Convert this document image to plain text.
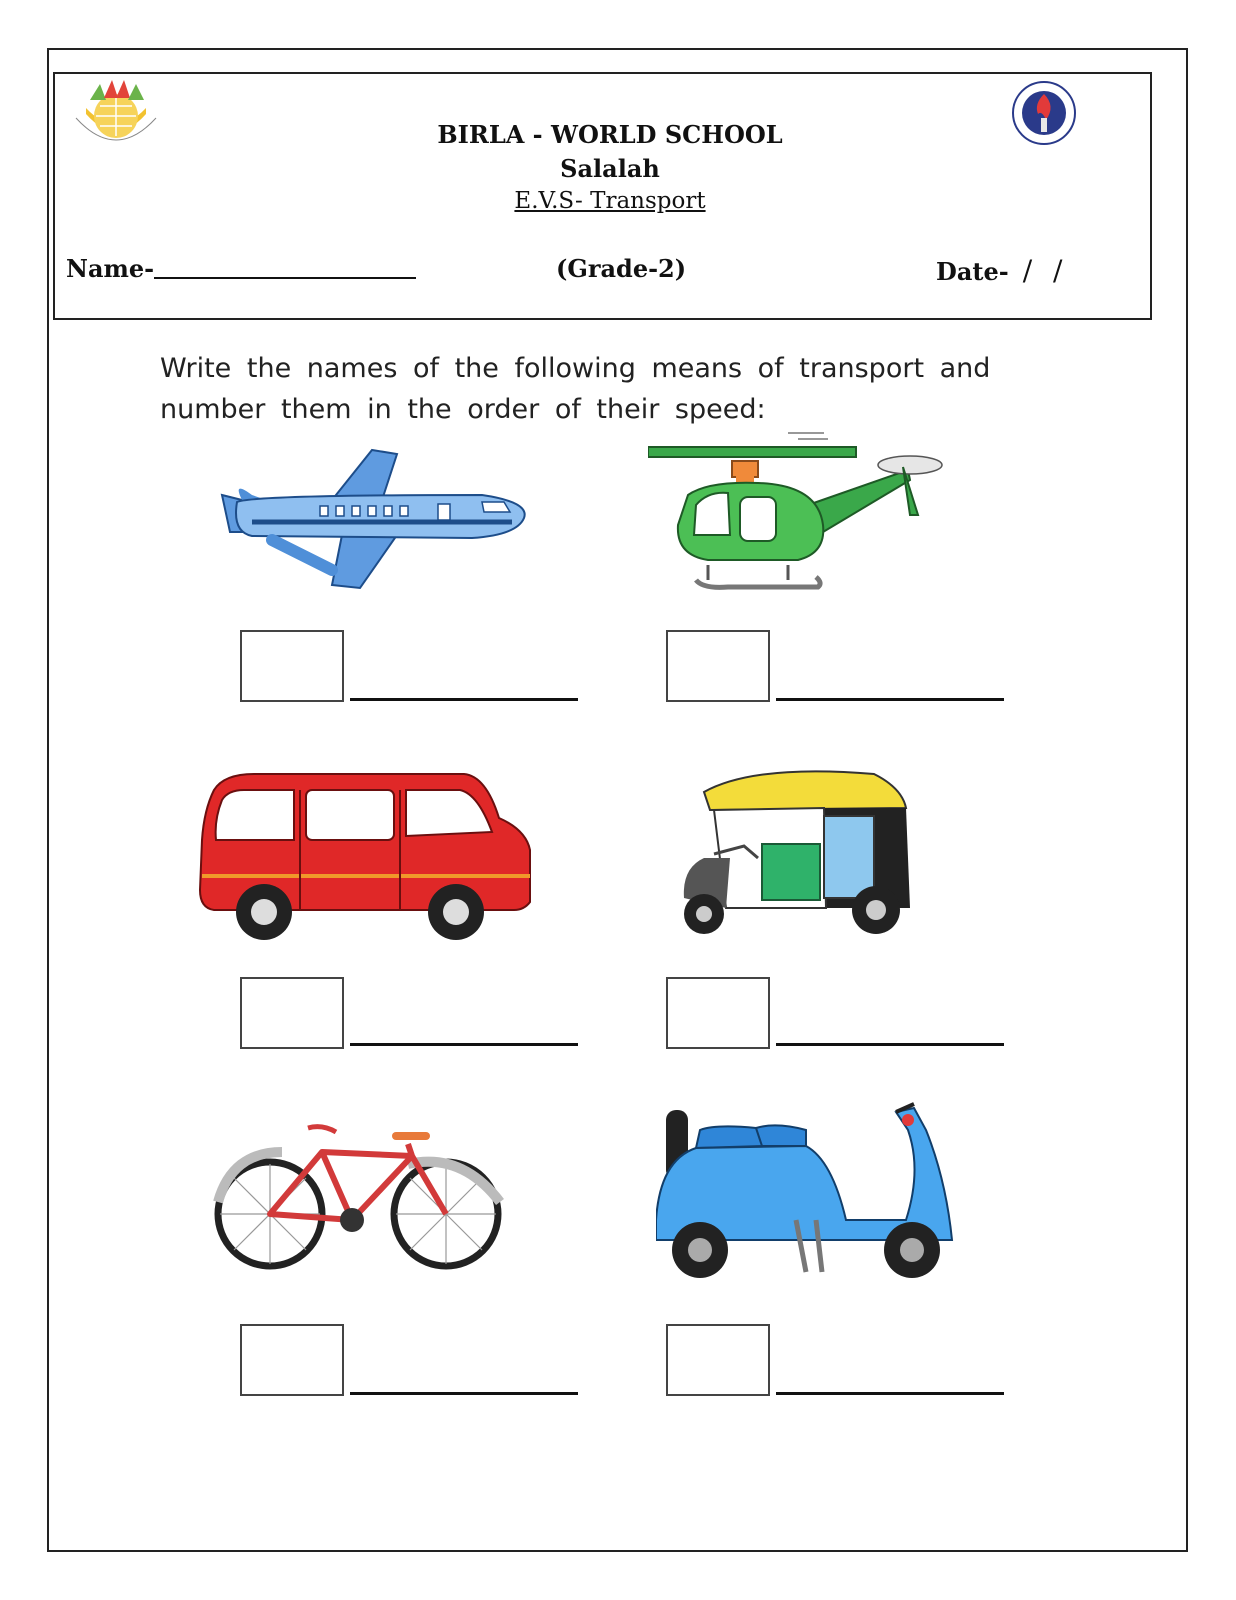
BIRLA - WORLD SCHOOL
Salalah
E.V.S- Transport
Name-	(Grade-2)	Date- / /
Write the names of the following means of transport and number them in the order of their speed:
